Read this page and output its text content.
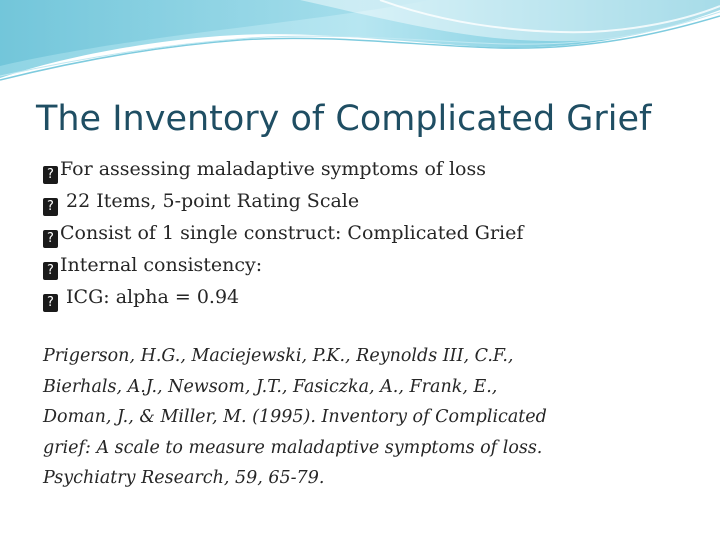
The Inventory of Complicated Grief
? For assessing maladaptive symptoms of loss
? 22 Items, 5-point Rating Scale
? Consist of 1 single construct: Complicated Grief
? Internal consistency:
? ICG: alpha = 0.94

Prigerson, H.G., Maciejewski, P.K., Reynolds III, C.F.,
Bierhals, A.J., Newsom, J.T., Fasiczka, A., Frank, E.,
Doman, J., & Miller, M. (1995). Inventory of Complicated
grief: A scale to measure maladaptive symptoms of loss.
Psychiatry Research, 59, 65-79.
